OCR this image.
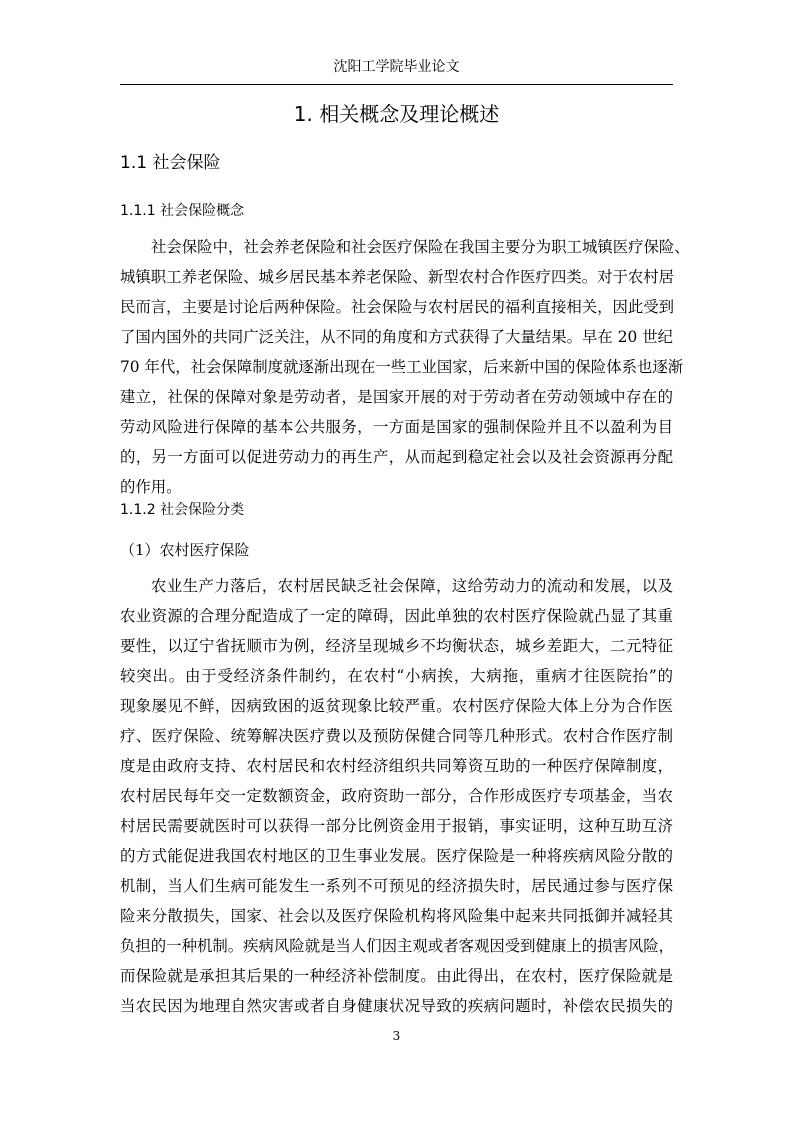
沈阳工学院毕业论文
1. 相关概念及理论概述
1.1 社会保险
1.1.1 社会保险概念
社会保险中，社会养老保险和社会医疗保险在我国主要分为职工城镇医疗保险、
城镇职工养老保险、城乡居民基本养老保险、新型农村合作医疗四类。对于农村居
民而言，主要是讨论后两种保险。社会保险与农村居民的福利直接相关，因此受到
了国内国外的共同广泛关注，从不同的角度和方式获得了大量结果。早在 20 世纪
70 年代，社会保障制度就逐渐出现在一些工业国家，后来新中国的保险体系也逐渐
建立，社保的保障对象是劳动者，是国家开展的对于劳动者在劳动领域中存在的
劳动风险进行保障的基本公共服务，一方面是国家的强制保险并且不以盈利为目
的，另一方面可以促进劳动力的再生产，从而起到稳定社会以及社会资源再分配
的作用。
1.1.2 社会保险分类
（1）农村医疗保险
农业生产力落后，农村居民缺乏社会保障，这给劳动力的流动和发展，以及
农业资源的合理分配造成了一定的障碍，因此单独的农村医疗保险就凸显了其重
要性，以辽宁省抚顺市为例，经济呈现城乡不均衡状态，城乡差距大，二元特征
较突出。由于受经济条件制约，在农村“小病挨，大病拖，重病才往医院抬”的
现象屡见不鲜，因病致困的返贫现象比较严重。农村医疗保险大体上分为合作医
疗、医疗保险、统筹解决医疗费以及预防保健合同等几种形式。农村合作医疗制
度是由政府支持、农村居民和农村经济组织共同筹资互助的一种医疗保障制度，
农村居民每年交一定数额资金，政府资助一部分，合作形成医疗专项基金，当农
村居民需要就医时可以获得一部分比例资金用于报销，事实证明，这种互助互济
的方式能促进我国农村地区的卫生事业发展。医疗保险是一种将疾病风险分散的
机制，当人们生病可能发生一系列不可预见的经济损失时，居民通过参与医疗保
险来分散损失，国家、社会以及医疗保险机构将风险集中起来共同抵御并减轻其
负担的一种机制。疾病风险就是当人们因主观或者客观因受到健康上的损害风险，
而保险就是承担其后果的一种经济补偿制度。由此得出，在农村，医疗保险就是
当农民因为地理自然灾害或者自身健康状况导致的疾病问题时，补偿农民损失的
3
